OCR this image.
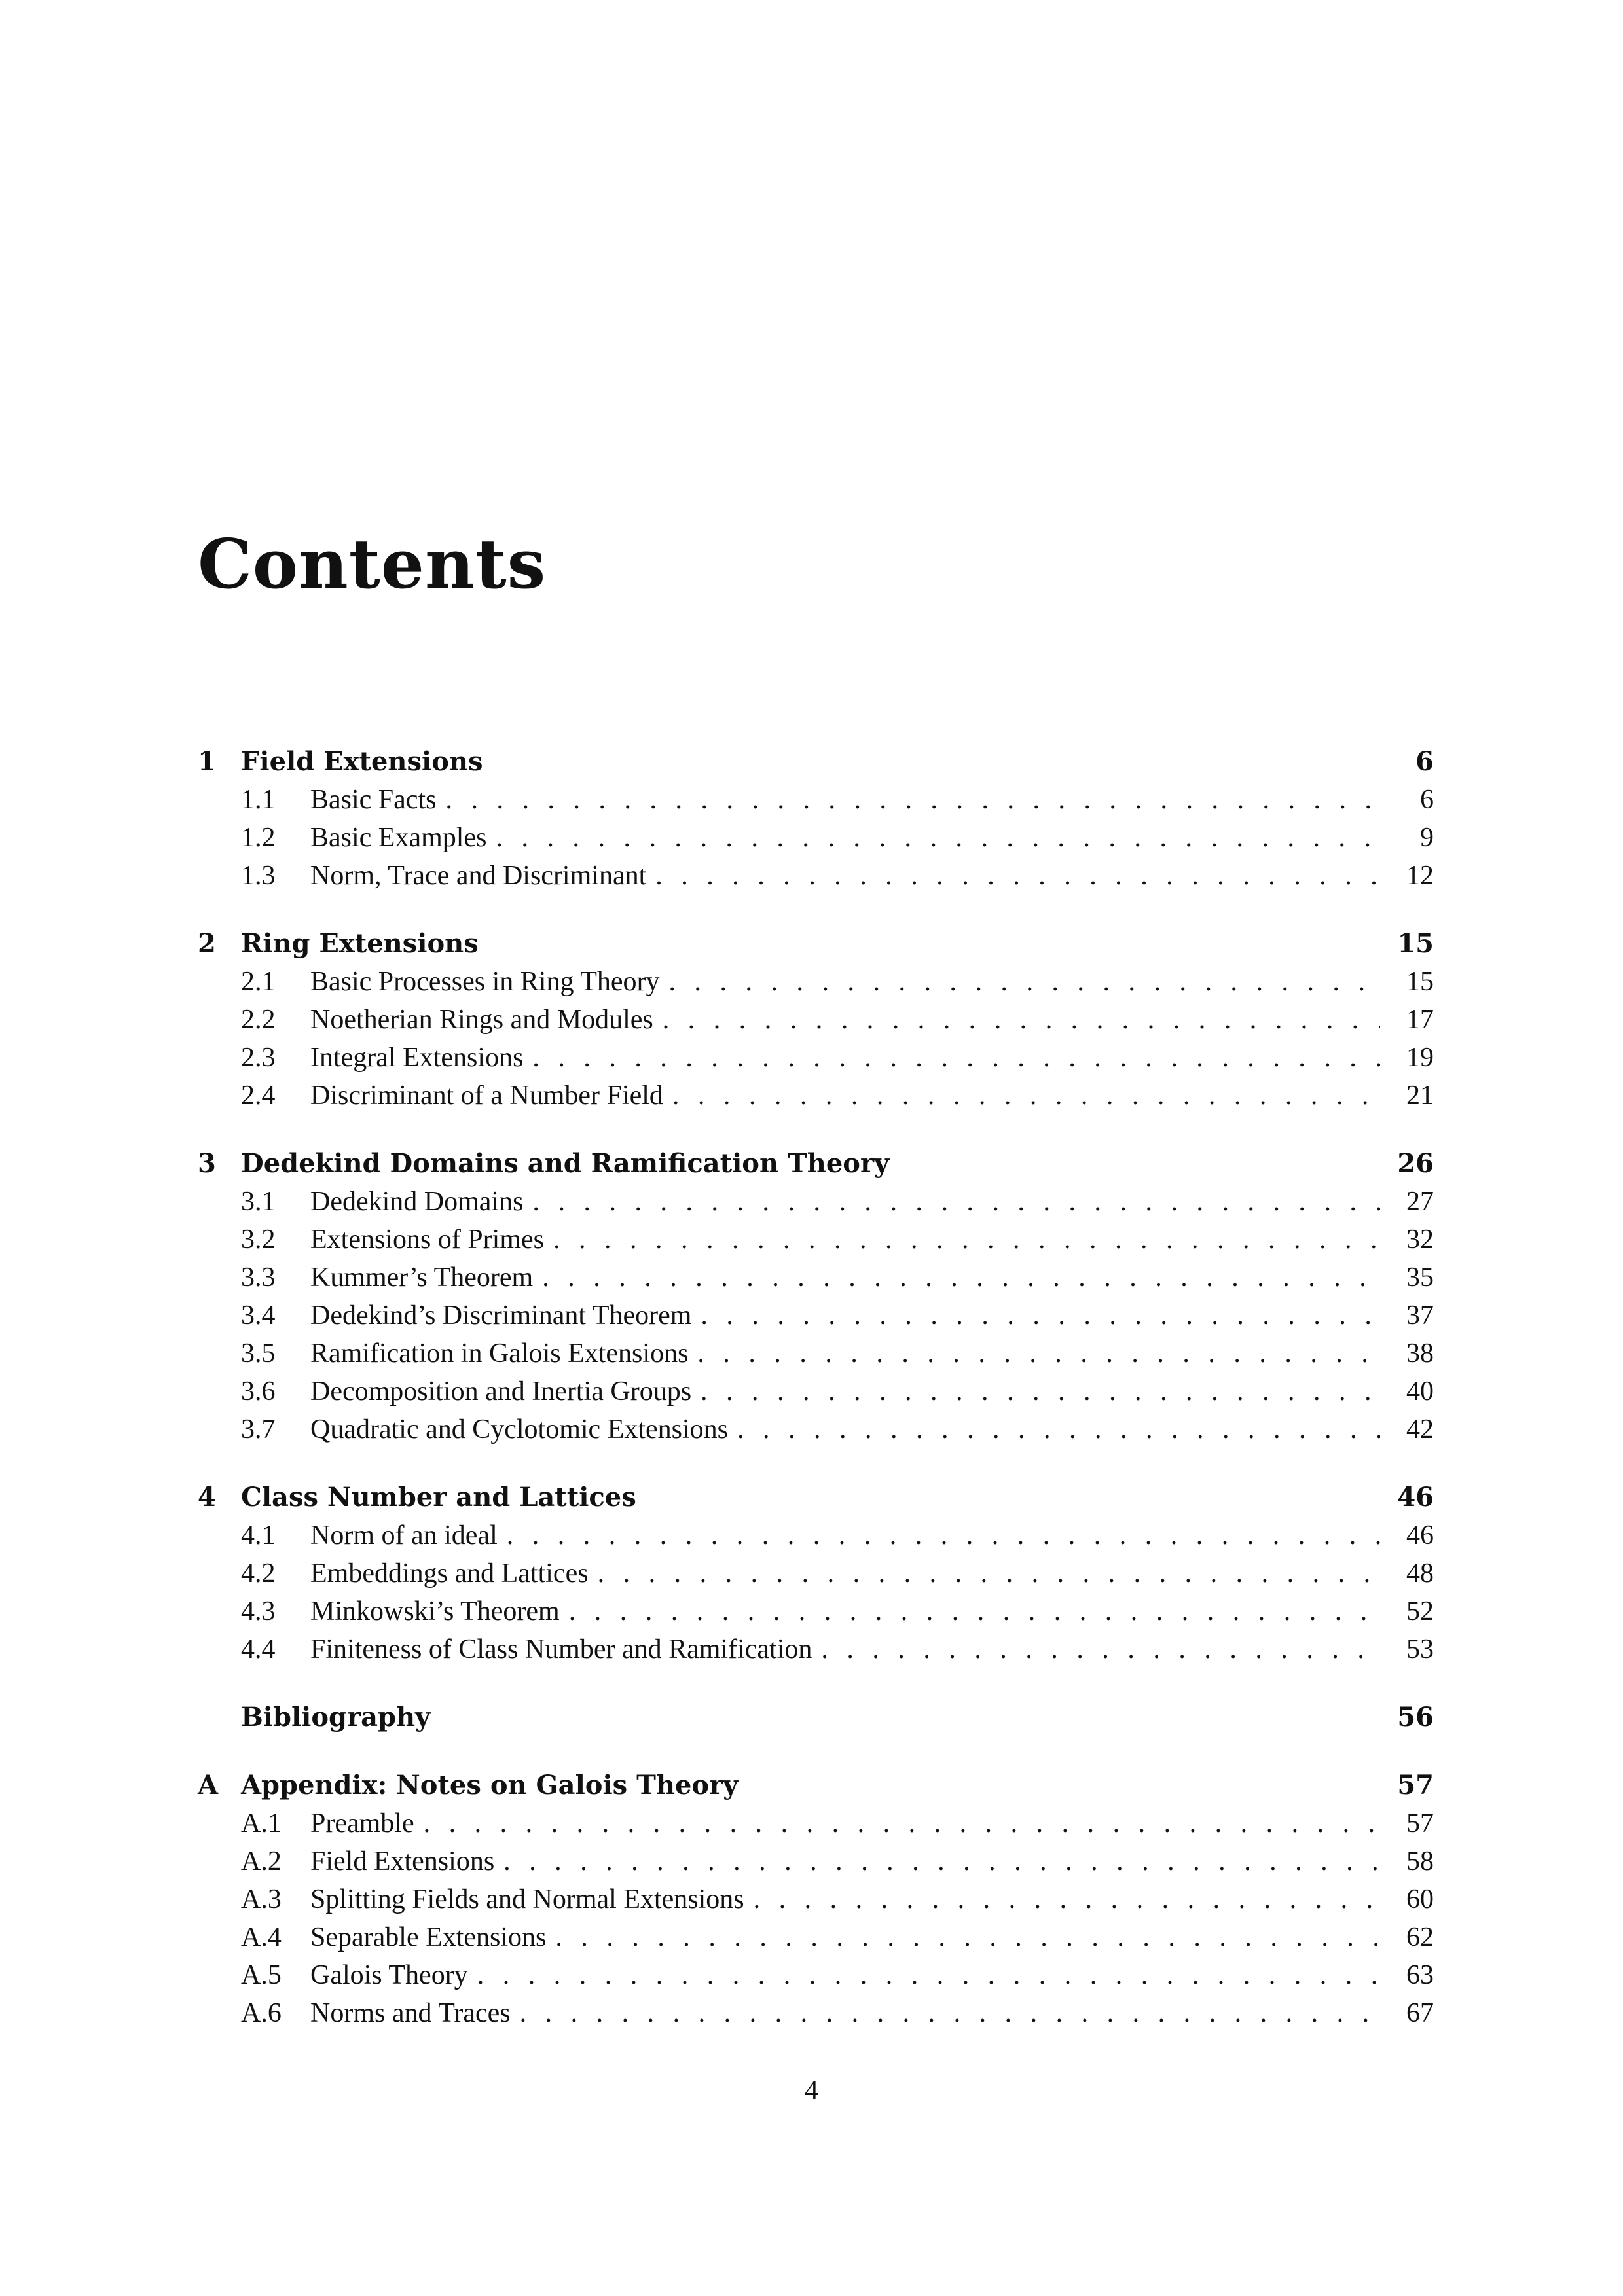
Contents
1 Field Extensions	6
1.1	Basic Facts . . .	6
1.2	Basic Examples . . .	9
1.3	Norm, Trace and Discriminant . . .	12
2 Ring Extensions	15
2.1	Basic Processes in Ring Theory . . .	15
2.2	Noetherian Rings and Modules . . .	17
2.3	Integral Extensions . . .	19
2.4	Discriminant of a Number Field . . .	21
3 Dedekind Domains and Ramification Theory	26
3.1	Dedekind Domains . . .	27
3.2	Extensions of Primes . . .	32
3.3	Kummer’s Theorem . . .	35
3.4	Dedekind’s Discriminant Theorem . . .	37
3.5	Ramification in Galois Extensions . . .	38
3.6	Decomposition and Inertia Groups . . .	40
3.7	Quadratic and Cyclotomic Extensions . . .	42
4 Class Number and Lattices	46
4.1	Norm of an ideal . . .	46
4.2	Embeddings and Lattices . . .	48
4.3	Minkowski’s Theorem . . .	52
4.4	Finiteness of Class Number and Ramification . . .	53
Bibliography	56
A Appendix: Notes on Galois Theory	57
A.1	Preamble . . .	57
A.2	Field Extensions . . .	58
A.3	Splitting Fields and Normal Extensions . . .	60
A.4	Separable Extensions . . .	62
A.5	Galois Theory . . .	63
A.6	Norms and Traces . . .	67
4
